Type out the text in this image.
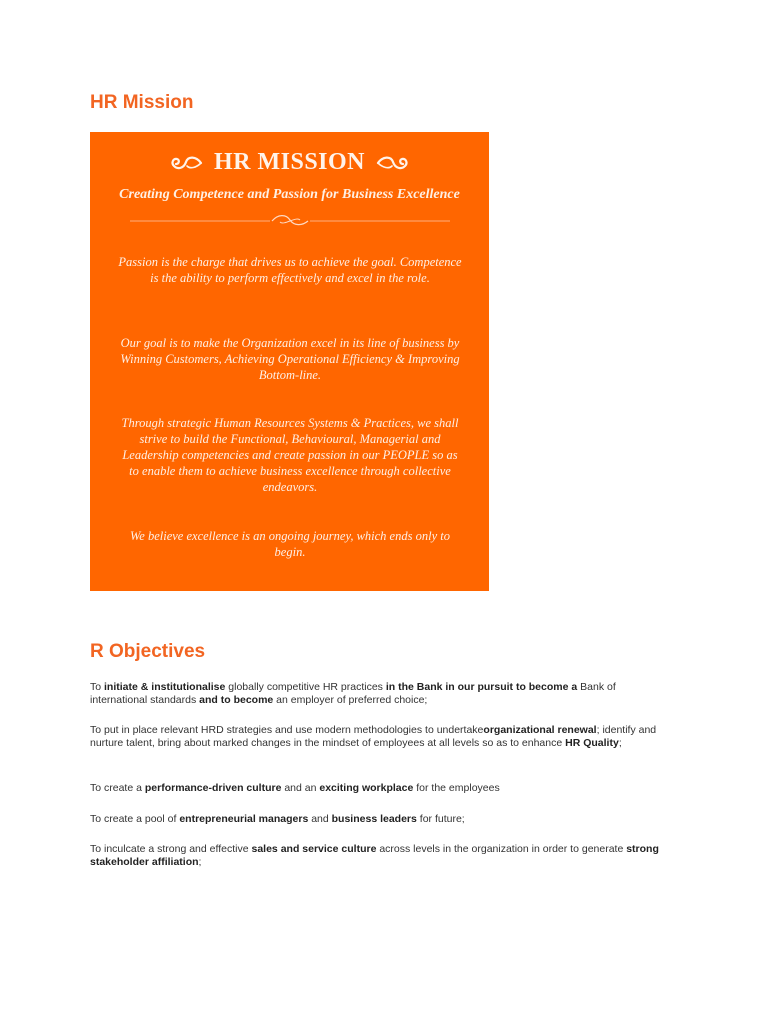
HR Mission
HR MISSION
Creating Competence and Passion for Business Excellence

Passion is the charge that drives us to achieve the goal. Competence is the ability to perform effectively and excel in the role.

Our goal is to make the Organization excel in its line of business by Winning Customers, Achieving Operational Efficiency & Improving Bottom-line.

Through strategic Human Resources Systems & Practices, we shall strive to build the Functional, Behavioural, Managerial and Leadership competencies and create passion in our PEOPLE so as to enable them to achieve business excellence through collective endeavors.

We believe excellence is an ongoing journey, which ends only to begin.

R Objectives

To initiate & institutionalise globally competitive HR practices in the Bank in our pursuit to become a Bank of international standards and to become an employer of preferred choice;

To put in place relevant HRD strategies and use modern methodologies to undertakeorganizational renewal; identify and nurture talent, bring about marked changes in the mindset of employees at all levels so as to enhance HR Quality;

To create a performance-driven culture and an exciting workplace for the employees

To create a pool of entrepreneurial managers and business leaders for future;

To inculcate a strong and effective sales and service culture across levels in the organization in order to generate strong stakeholder affiliation;
